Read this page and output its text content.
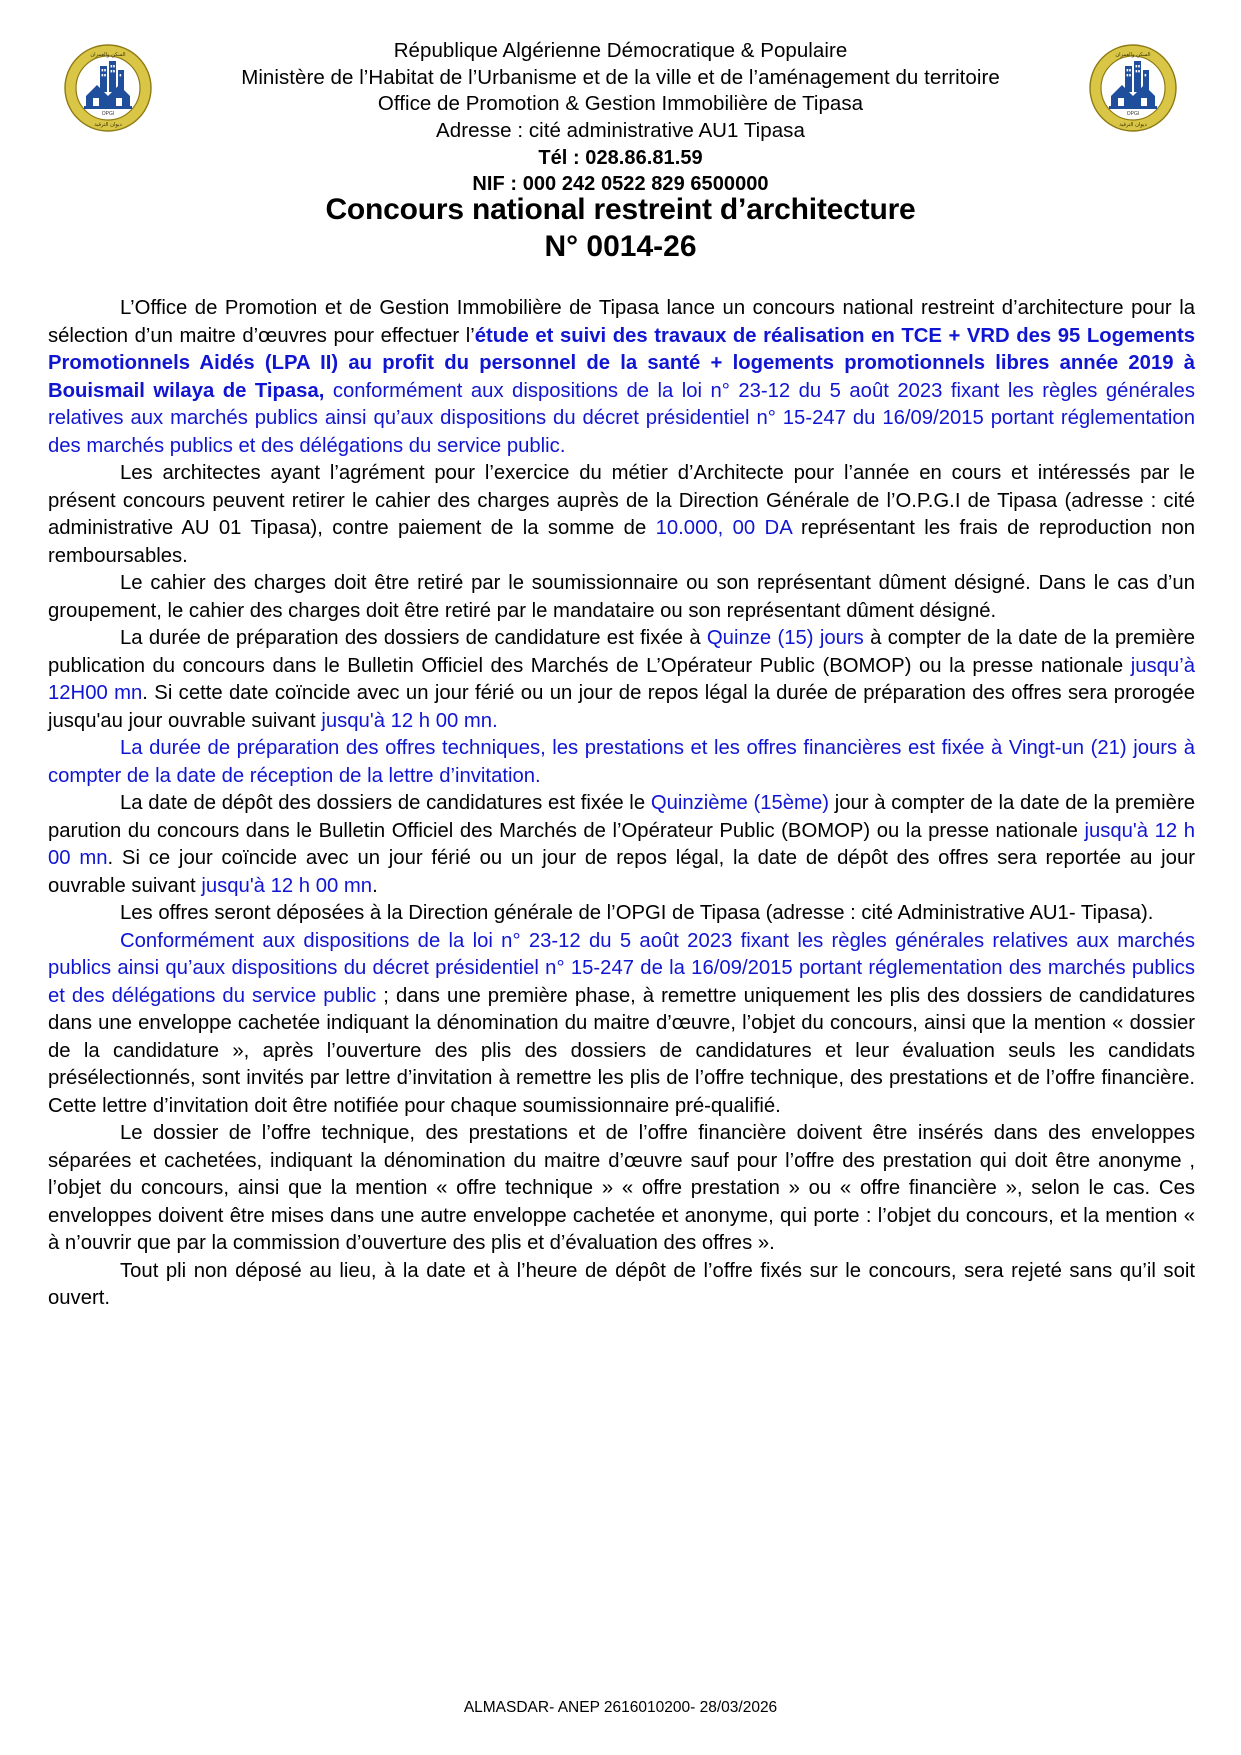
OPGI
السكن والعمران
ديوان الترقية
OPGI
السكن والعمران
ديوان الترقية
République Algérienne Démocratique & Populaire
Ministère de l’Habitat de l’Urbanisme et de la ville et de l’aménagement du territoire
Office de Promotion & Gestion Immobilière de Tipasa
Adresse : cité administrative AU1 Tipasa
Tél : 028.86.81.59
NIF : 000 242 0522 829 6500000
Concours national restreint d’architecture
N° 0014-26

L’Office de Promotion et de Gestion Immobilière de Tipasa lance un concours national restreint d’architecture pour la sélection d’un maitre d’œuvres pour effectuer l’étude et suivi des travaux de réalisation en TCE + VRD des 95 Logements Promotionnels Aidés (LPA II) au profit du personnel de la santé + logements promotionnels libres année 2019 à Bouismail wilaya de Tipasa, conformément aux dispositions de la loi n° 23-12 du 5 août 2023 fixant les règles générales relatives aux marchés publics ainsi qu’aux dispositions du décret présidentiel n° 15-247 du 16/09/2015 portant réglementation des marchés publics et des délégations du service public.

Les architectes ayant l’agrément pour l’exercice du métier d’Architecte pour l’année en cours et intéressés par le présent concours peuvent retirer le cahier des charges auprès de la Direction Générale de l’O.P.G.I de Tipasa (adresse : cité administrative AU 01 Tipasa), contre paiement de la somme de 10.000, 00 DA représentant les frais de reproduction non remboursables.

Le cahier des charges doit être retiré par le soumissionnaire ou son représentant dûment désigné. Dans le cas d’un groupement, le cahier des charges doit être retiré par le mandataire ou son représentant dûment désigné.

La durée de préparation des dossiers de candidature est fixée à Quinze (15) jours à compter de la date de la première publication du concours dans le Bulletin Officiel des Marchés de L’Opérateur Public (BOMOP) ou la presse nationale jusqu’à 12H00 mn. Si cette date coïncide avec un jour férié ou un jour de repos légal la durée de préparation des offres sera prorogée jusqu'au jour ouvrable suivant jusqu'à 12 h 00 mn.

La durée de préparation des offres techniques, les prestations et les offres financières est fixée à Vingt-un (21) jours à compter de la date de réception de la lettre d’invitation.

La date de dépôt des dossiers de candidatures est fixée le Quinzième (15ème) jour à compter de la date de la première parution du concours dans le Bulletin Officiel des Marchés de l’Opérateur Public (BOMOP) ou la presse nationale jusqu'à 12 h 00 mn. Si ce jour coïncide avec un jour férié ou un jour de repos légal, la date de dépôt des offres sera reportée au jour ouvrable suivant jusqu'à 12 h 00 mn.

Les offres seront déposées à la Direction générale de l’OPGI de Tipasa (adresse : cité Administrative AU1- Tipasa).

Conformément aux dispositions de la loi n° 23-12 du 5 août 2023 fixant les règles générales relatives aux marchés publics ainsi qu’aux dispositions du décret présidentiel n° 15-247 de la 16/09/2015 portant réglementation des marchés publics et des délégations du service public ; dans une première phase, à remettre uniquement les plis des dossiers de candidatures dans une enveloppe cachetée indiquant la dénomination du maitre d’œuvre, l’objet du concours, ainsi que la mention « dossier de la candidature », après l’ouverture des plis des dossiers de candidatures et leur évaluation seuls les candidats présélectionnés, sont invités par lettre d’invitation à remettre les plis de l’offre technique, des prestations et de l’offre financière. Cette lettre d’invitation doit être notifiée pour chaque soumissionnaire pré-qualifié.

Le dossier de l’offre technique, des prestations et de l’offre financière doivent être insérés dans des enveloppes séparées et cachetées, indiquant la dénomination du maitre d’œuvre sauf pour l’offre des prestation qui doit être anonyme , l’objet du concours, ainsi que la mention « offre technique » « offre prestation » ou « offre financière », selon le cas. Ces enveloppes doivent être mises dans une autre enveloppe cachetée et anonyme, qui porte : l’objet du concours, et la mention « à n’ouvrir que par la commission d’ouverture des plis et d’évaluation des offres ».

Tout pli non déposé au lieu, à la date et à l’heure de dépôt de l’offre fixés sur le concours, sera rejeté sans qu’il soit ouvert.

ALMASDAR- ANEP 2616010200- 28/03/2026
